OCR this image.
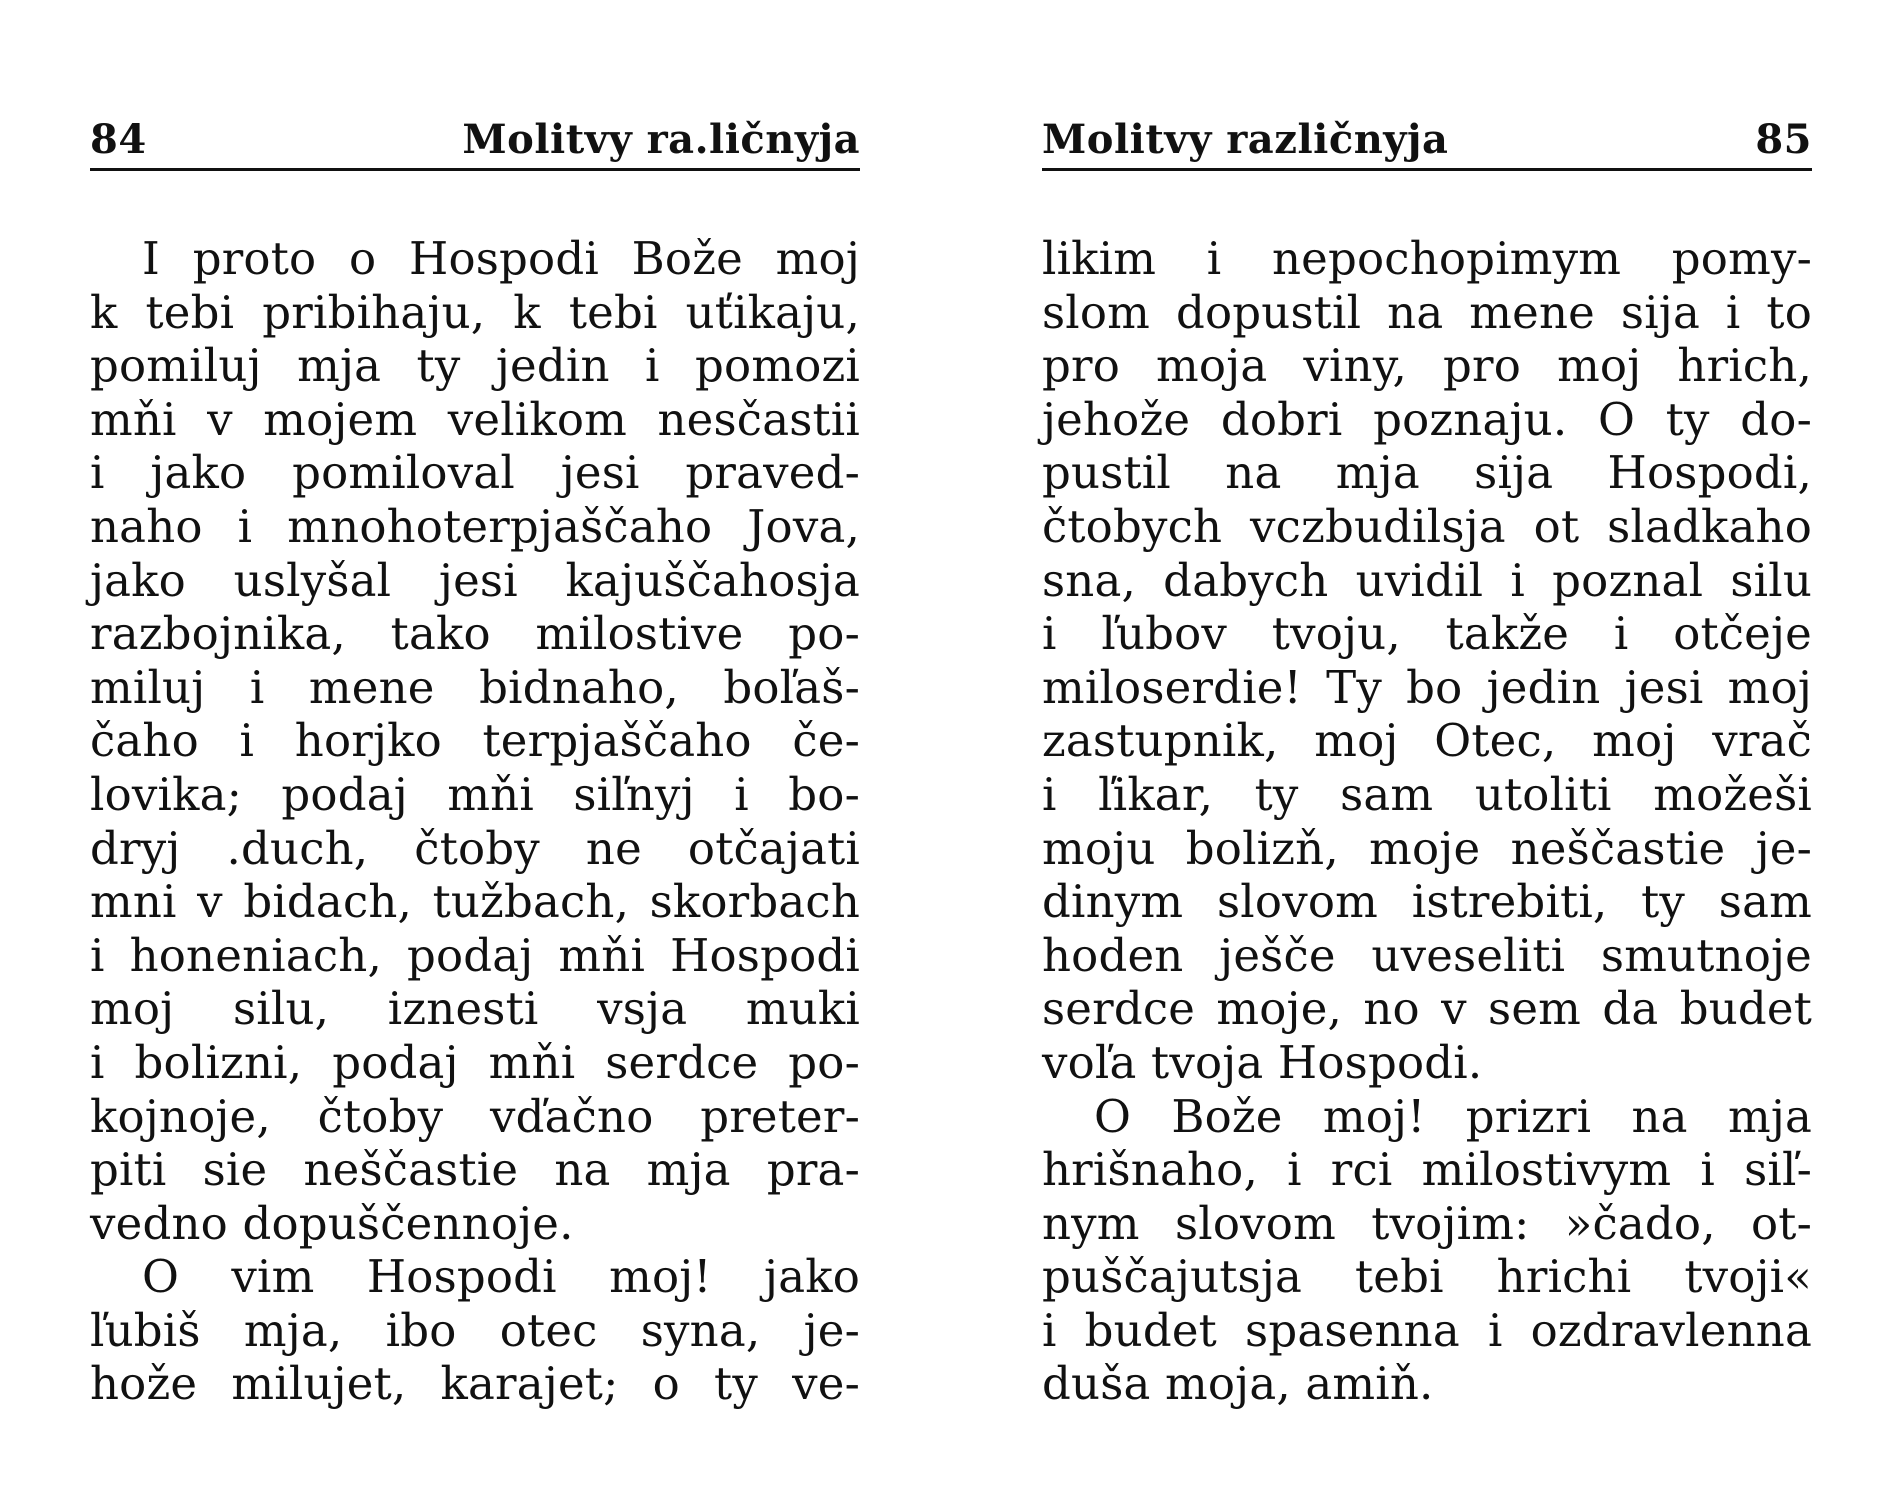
84	Molitvy ra․ličnyja
I proto o Hospodi Bože moj
k tebi pribihaju, k tebi uťikaju,
pomiluj mja ty jedin i pomozi
mňi v mojem velikom nesčastii
i jako pomiloval jesi praved-
naho i mnohoterpjaščaho Jova,
jako uslyšal jesi kajuščahosja
razbojnika, tako milostive po-
miluj i mene bidnaho, boľaš-
čaho i horjko terpjaščaho če-
lovika; podaj mňi siľnyj i bo-
dryj .duch, čtoby ne otčajati
mni v bidach, tužbach, skorbach
i honeniach, podaj mňi Hospodi
moj silu, iznesti vsja muki
i bolizni, podaj mňi serdce po-
kojnoje, čtoby vďačno preter-
piti sie neščastie na mja pra-
vedno dopuščennoje.
O vim Hospodi moj! jako
ľubiš mja, ibo otec syna, je-
hože milujet, karajet; o ty ve-
Molitvy različnyja	85
likim i nepochopimym pomy-
slom dopustil na mene sija i to
pro moja viny, pro moj hrich,
jehože dobri poznaju. O ty do-
pustil na mja sija Hospodi,
čtobych vczbudilsja ot sladkaho
sna, dabych uvidil i poznal silu
i ľubov tvoju, takže i otčeje
miloserdie! Ty bo jedin jesi moj
zastupnik, moj Otec, moj vrač
i ľikar, ty sam utoliti možeši
moju bolizň, moje neščastie je-
dinym slovom istrebiti, ty sam
hoden ješče uveseliti smutnoje
serdce moje, no v sem da budet
voľa tvoja Hospodi.
O Bože moj! prizri na mja
hrišnaho, i rci milostivym i siľ-
nym slovom tvojim: »čado, ot-
puščajutsja tebi hrichi tvoji«
i budet spasenna i ozdravlenna
duša moja, amiň.
